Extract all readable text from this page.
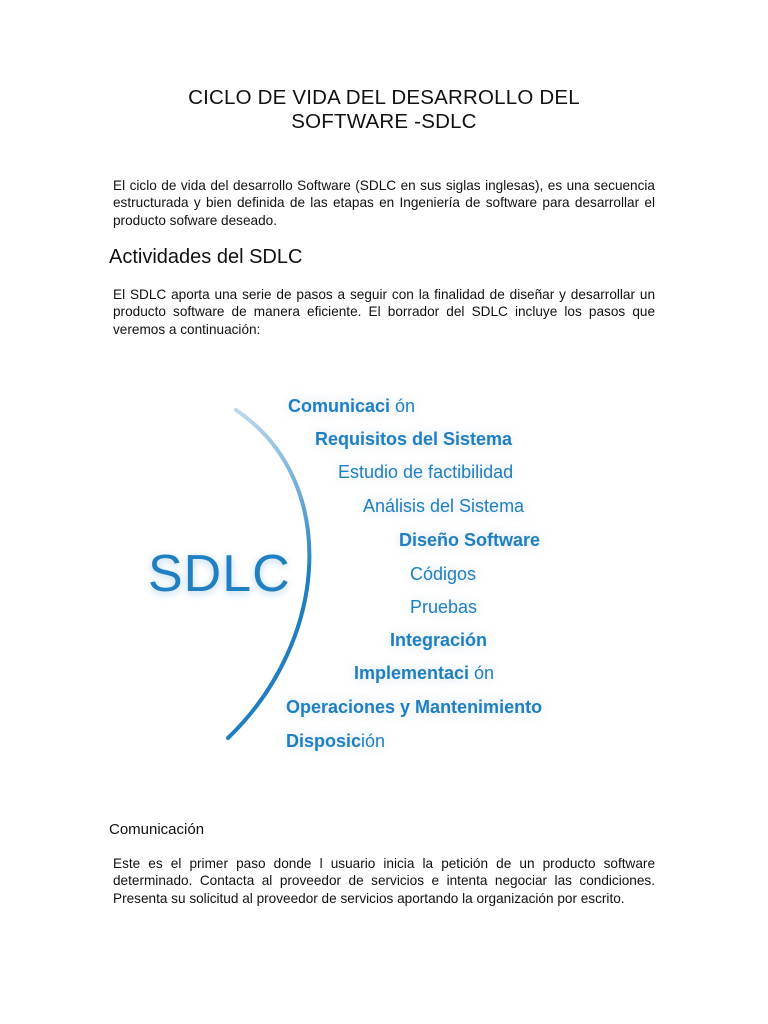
CICLO DE VIDA DEL DESARROLLO DEL
SOFTWARE -SDLC
El ciclo de vida del desarrollo Software (SDLC en sus siglas inglesas), es una secuencia estructurada y bien definida de las etapas en Ingeniería de software para desarrollar el producto sofware deseado.
Actividades del SDLC
El SDLC aporta una serie de pasos a seguir con la finalidad de diseñar y desarrollar un producto software de manera eficiente. El borrador del SDLC incluye los pasos que veremos a continuación:
SDLC
Comunicaci ón
Requisitos del Sistema
Estudio de factibilidad
Análisis del Sistema
Diseño Software
Códigos
Pruebas
Integración
Implementaci ón
Operaciones y Mantenimiento
Disposición
Comunicación
Este es el primer paso donde l usuario inicia la petición de un producto software determinado. Contacta al proveedor de servicios e intenta negociar las condiciones. Presenta su solicitud al proveedor de servicios aportando la organización por escrito.
